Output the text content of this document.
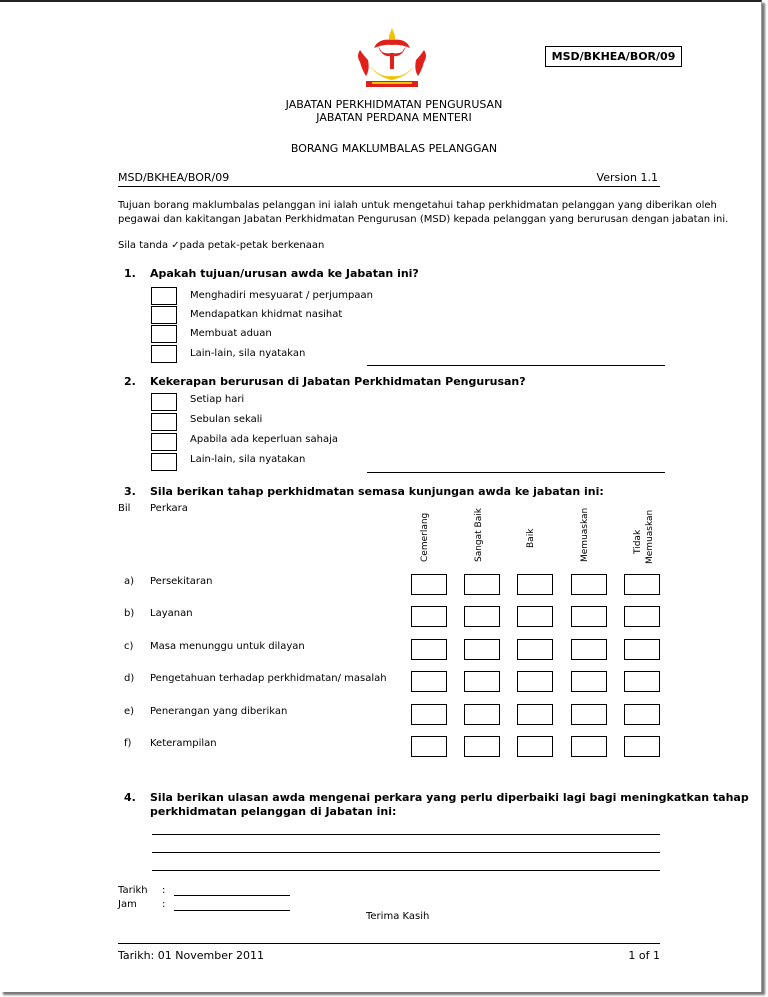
MSD/BKHEA/BOR/09
JABATAN PERKHIDMATAN PENGURUSAN
JABATAN PERDANA MENTERI
BORANG MAKLUMBALAS PELANGGAN
MSD/BKHEA/BOR/09	Version 1.1
Tujuan borang maklumbalas pelanggan ini ialah untuk mengetahui tahap perkhidmatan pelanggan yang diberikan oleh
pegawai dan kakitangan Jabatan Perkhidmatan Pengurusan (MSD) kepada pelanggan yang berurusan dengan jabatan ini.
Sila tanda ✓pada petak-petak berkenaan
1. Apakah tujuan/urusan awda ke Jabatan ini?
Menghadiri mesyuarat / perjumpaan
Mendapatkan khidmat nasihat
Membuat aduan
Lain-lain, sila nyatakan
2. Kekerapan berurusan di Jabatan Perkhidmatan Pengurusan?
Setiap hari
Sebulan sekali
Apabila ada keperluan sahaja
Lain-lain, sila nyatakan
3. Sila berikan tahap perkhidmatan semasa kunjungan awda ke jabatan ini:
Bil Perkara
Cemerlang	Sangat Baik	Baik	Memuaskan	Tidak Memuaskan
a) Persekitaran
b) Layanan
c) Masa menunggu untuk dilayan
d) Pengetahuan terhadap perkhidmatan/ masalah
e) Penerangan yang diberikan
f) Keterampilan
4. Sila berikan ulasan awda mengenai perkara yang perlu diperbaiki lagi bagi meningkatkan tahap
perkhidmatan pelanggan di Jabatan ini:
Tarikh :
Jam	:
Terima Kasih
Tarikh: 01 November 2011	1 of 1
